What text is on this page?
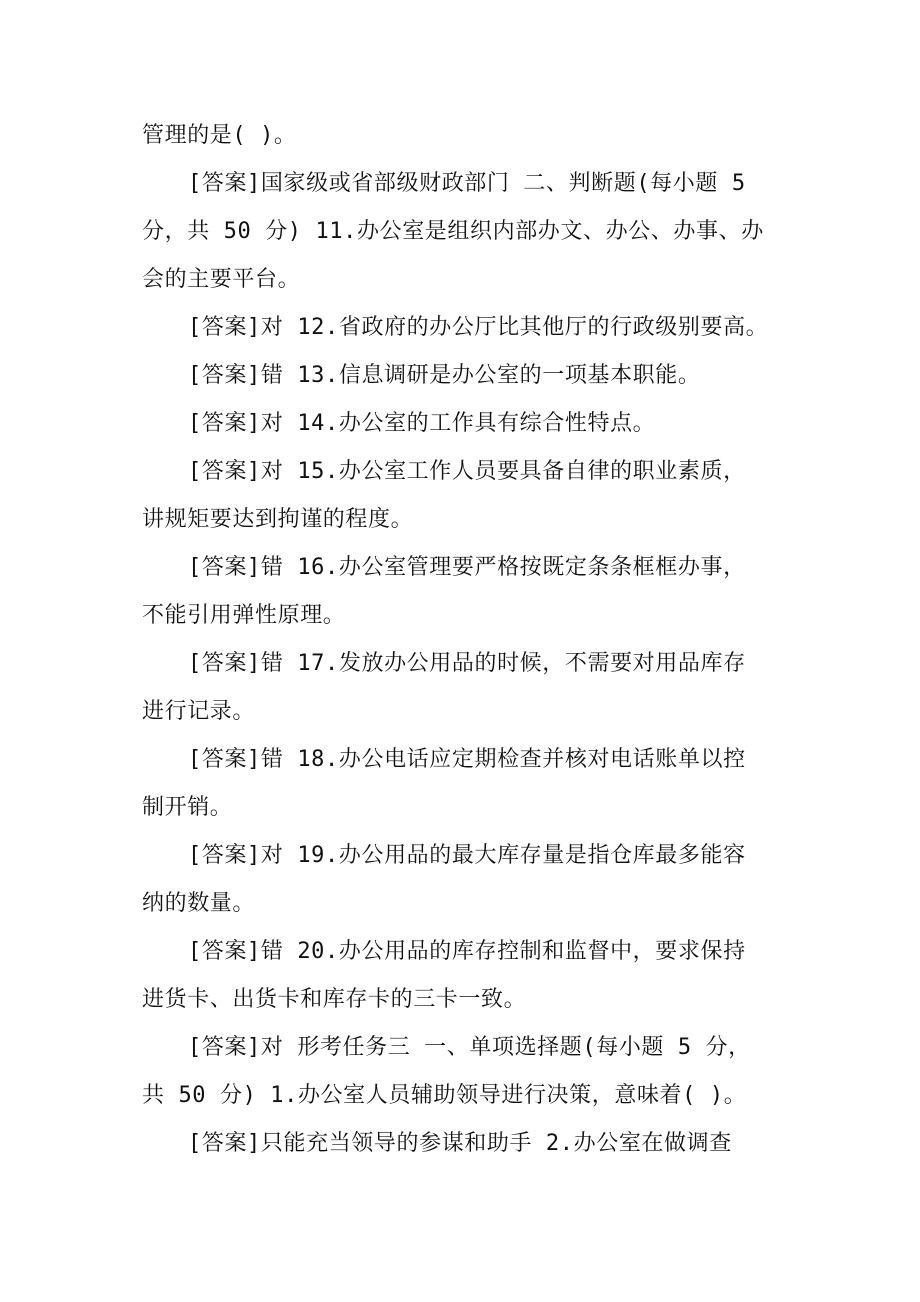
管理的是( )。
[答案]国家级或省部级财政部门 二、判断题(每小题 5
分，共 50 分) 11.办公室是组织内部办文、办公、办事、办
会的主要平台。
[答案]对 12.省政府的办公厅比其他厅的行政级别要高。
[答案]错 13.信息调研是办公室的一项基本职能。
[答案]对 14.办公室的工作具有综合性特点。
[答案]对 15.办公室工作人员要具备自律的职业素质，
讲规矩要达到拘谨的程度。
[答案]错 16.办公室管理要严格按既定条条框框办事，
不能引用弹性原理。
[答案]错 17.发放办公用品的时候，不需要对用品库存
进行记录。
[答案]错 18.办公电话应定期检查并核对电话账单以控
制开销。
[答案]对 19.办公用品的最大库存量是指仓库最多能容
纳的数量。
[答案]错 20.办公用品的库存控制和监督中，要求保持
进货卡、出货卡和库存卡的三卡一致。
[答案]对 形考任务三 一、单项选择题(每小题 5 分，
共 50 分) 1.办公室人员辅助领导进行决策，意味着( )。
[答案]只能充当领导的参谋和助手 2.办公室在做调查
